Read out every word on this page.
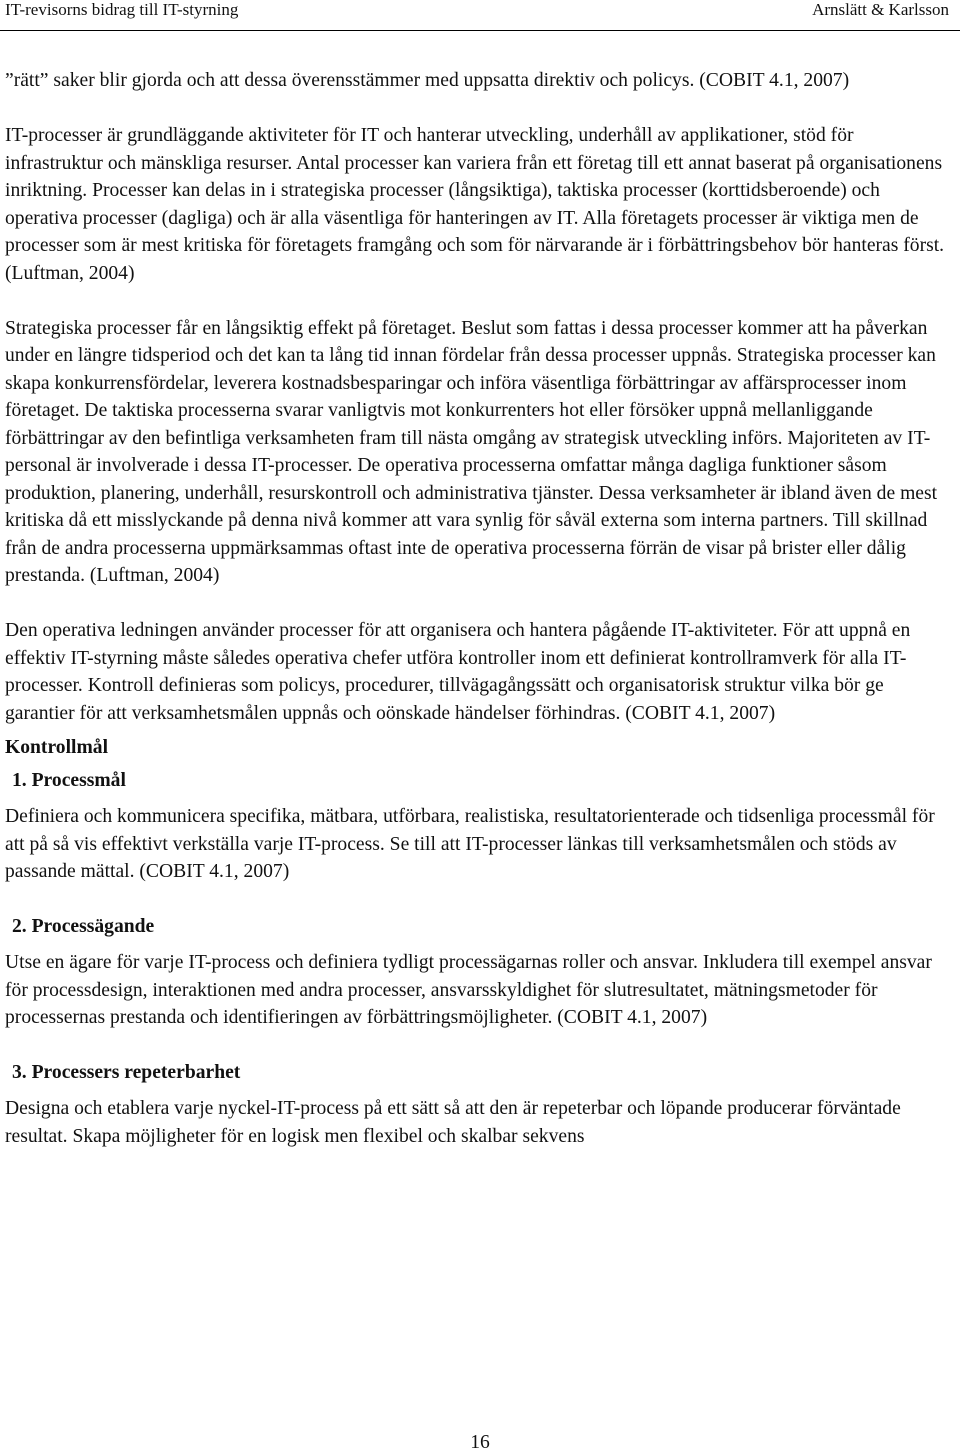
IT-revisorns bidrag till IT-styrning	Arnslätt & Karlsson

”rätt” saker blir gjorda och att dessa överensstämmer med uppsatta direktiv och policys. (COBIT 4.1, 2007)

IT-processer är grundläggande aktiviteter för IT och hanterar utveckling, underhåll av applikationer, stöd för infrastruktur och mänskliga resurser. Antal processer kan variera från ett företag till ett annat baserat på organisationens inriktning. Processer kan delas in i strategiska processer (långsiktiga), taktiska processer (korttidsberoende) och operativa processer (dagliga) och är alla väsentliga för hanteringen av IT. Alla företagets processer är viktiga men de processer som är mest kritiska för företagets framgång och som för närvarande är i förbättringsbehov bör hanteras först. (Luftman, 2004)

Strategiska processer får en långsiktig effekt på företaget. Beslut som fattas i dessa processer kommer att ha påverkan under en längre tidsperiod och det kan ta lång tid innan fördelar från dessa processer uppnås. Strategiska processer kan skapa konkurrensfördelar, leverera kostnadsbesparingar och införa väsentliga förbättringar av affärsprocesser inom företaget. De taktiska processerna svarar vanligtvis mot konkurrenters hot eller försöker uppnå mellanliggande förbättringar av den befintliga verksamheten fram till nästa omgång av strategisk utveckling införs. Majoriteten av IT-personal är involverade i dessa IT-processer. De operativa processerna omfattar många dagliga funktioner såsom produktion, planering, underhåll, resurskontroll och administrativa tjänster. Dessa verksamheter är ibland även de mest kritiska då ett misslyckande på denna nivå kommer att vara synlig för såväl externa som interna partners. Till skillnad från de andra processerna uppmärksammas oftast inte de operativa processerna förrän de visar på brister eller dålig prestanda. (Luftman, 2004)

Den operativa ledningen använder processer för att organisera och hantera pågående IT-aktiviteter. För att uppnå en effektiv IT-styrning måste således operativa chefer utföra kontroller inom ett definierat kontrollramverk för alla IT-processer. Kontroll definieras som policys, procedurer, tillvägagångssätt och organisatorisk struktur vilka bör ge garantier för att verksamhetsmålen uppnås och oönskade händelser förhindras. (COBIT 4.1, 2007)

Kontrollmål
1. Processmål

Definiera och kommunicera specifika, mätbara, utförbara, realistiska, resultatorienterade och tidsenliga processmål för att på så vis effektivt verkställa varje IT-process. Se till att IT-processer länkas till verksamhetsmålen och stöds av passande mättal. (COBIT 4.1, 2007)

2. Processägande

Utse en ägare för varje IT-process och definiera tydligt processägarnas roller och ansvar. Inkludera till exempel ansvar för processdesign, interaktionen med andra processer, ansvarsskyldighet för slutresultatet, mätningsmetoder för processernas prestanda och identifieringen av förbättringsmöjligheter. (COBIT 4.1, 2007)

3. Processers repeterbarhet

Designa och etablera varje nyckel-IT-process på ett sätt så att den är repeterbar och löpande producerar förväntade resultat. Skapa möjligheter för en logisk men flexibel och skalbar sekvens

16
